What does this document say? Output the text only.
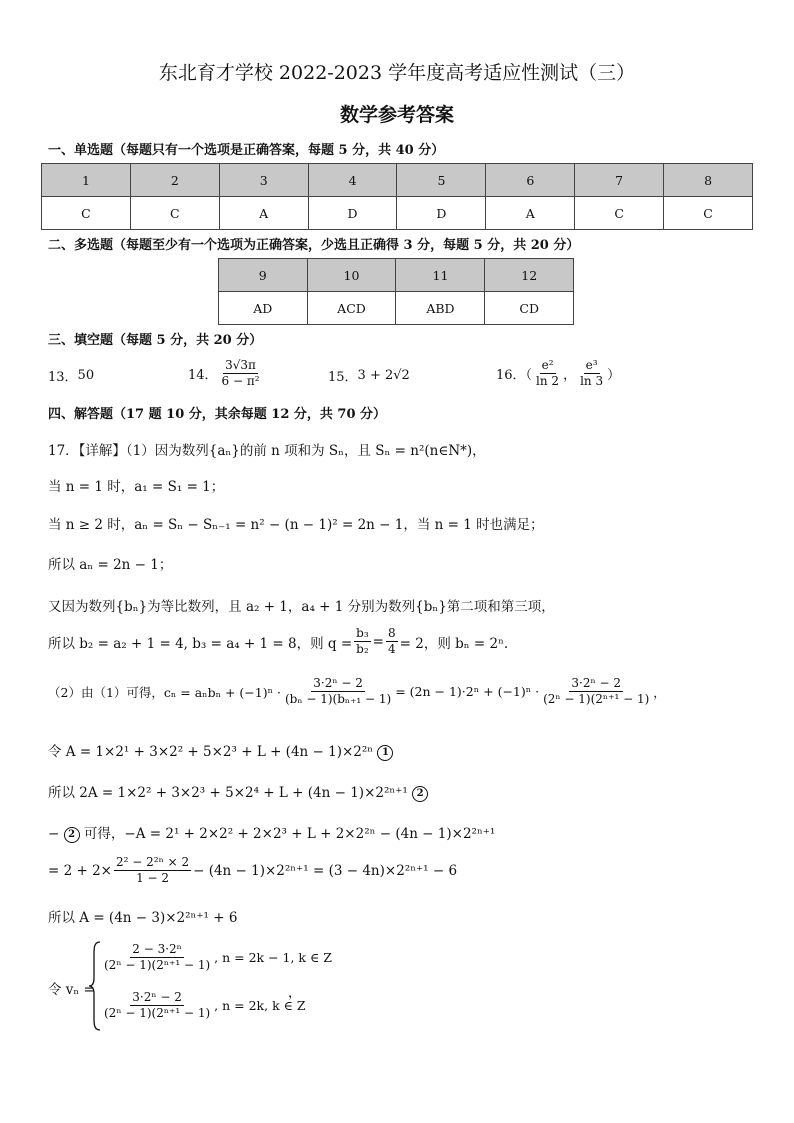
东北育才学校 2022-2023 学年度高考适应性测试（三）
数学参考答案
一、单选题（每题只有一个选项是正确答案，每题 5 分，共 40 分）
1	2	3	4	5	6	7	8
C	C	A	D	D	A	C	C
二、多选题（每题至少有一个选项为正确答案，少选且正确得 3 分，每题 5 分，共 20 分）
9	10	11	12
AD	ACD	ABD	CD
三、填空题（每题 5 分，共 20 分）
13． 50	14． $\frac{3√3\pi}{\text{6 − π²}}$	15． 3 + 2√2	16．（ $\frac{\text{e²}}{\ln 2}$ ， $\frac{\text{e³}}{\ln 3}$ ）
四、解答题（17 题 10 分，其余每题 12 分，共 70 分）
17．【详解】（1）因为数列{aₙ}的前 n 项和为 Sₙ，且 Sₙ = n²(n∈N*)，
当 n = 1 时，a₁ = S₁ = 1；
当 n ≥ 2 时，aₙ = Sₙ − Sₙ₋₁ = n² − (n − 1)² = 2n − 1，当 n = 1 时也满足；
所以 aₙ = 2n − 1；
又因为数列{bₙ}为等比数列，且 a₂ + 1，a₄ + 1 分别为数列{bₙ}第二项和第三项，
所以 b₂ = a₂ + 1 = 4, b₃ = a₄ + 1 = 8，则 $q = \frac{\text{b₃}}{\text{b₂}} = \frac{8}{4} = 2$，则 bₙ = 2ⁿ.
（2）由（1）可得，$c_n = a_nb_n + (-1)^n \cdot \frac{\text{3·2ⁿ − 2}}{\text{(bₙ − 1)(bₙ₊₁ − 1)}} = (2n - 1)\cdot 2^n + (-1)^n \cdot \frac{\text{3·2ⁿ − 2}}{\text{(2ⁿ − 1)(2ⁿ⁺¹ − 1)}}$ ，
令 A = 1×2¹ + 3×2² + 5×2³ + L + (4n − 1)×2²ⁿ 1
所以 2A = 1×2² + 3×2³ + 5×2⁴ + L + (4n − 1)×2²ⁿ⁺¹ 2
− 2 可得，−A = 2¹ + 2×2² + 2×2³ + L + 2×2²ⁿ − (4n − 1)×2²ⁿ⁺¹
= $2 + 2\times \frac{\text{2² − 2²ⁿ × 2}}{1 - 2} - (4n - 1)\times 2^{2n+1} = (3 - 4n)\times 2^{2n+1} - 6$
所以 A = (4n − 3)×2²ⁿ⁺¹ + 6
令 vₙ =
$\frac{\text{2 − 3·2ⁿ}}{\text{(2ⁿ − 1)(2ⁿ⁺¹ − 1)}}$ , n = 2k − 1, k ∈ Z
$\frac{\text{3·2ⁿ − 2}}{\text{(2ⁿ − 1)(2ⁿ⁺¹ − 1)}}$ , n = 2k, k ∈ Z
，
